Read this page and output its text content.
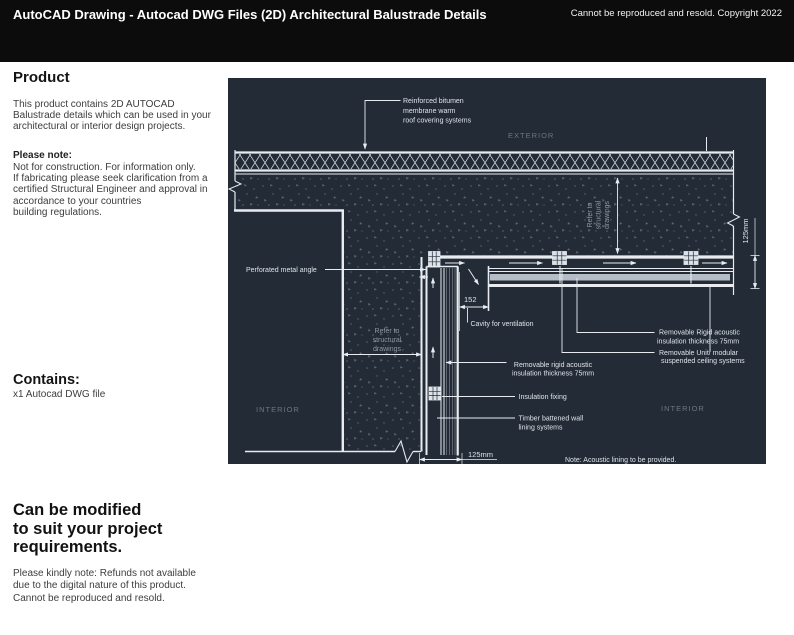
AutoCAD Drawing - Autocad DWG Files (2D) Architectural Balustrade Details	Cannot be reproduced and resold. Copyright 2022
Product
This product contains 2D AUTOCAD
Balustrade details which can be used in your
architectural or interior design projects.
Please note:
Not for construction. For information only.
If fabricating please seek clarification from a
certified Structural Engineer and approval in
accordance to your countries
building regulations.
Contains:
x1 Autocad DWG file
Can be modified
to suit your project
requirements.
Please kindly note: Refunds not available
due to the digital nature of this product.
Cannot be reproduced and resold.
Reinforced bitumen
membrane warm
roof covering systems
EXTERIOR
INTERIOR	INTERIOR
125mm
Refer to structural drawings
Refer to
structural
drawings
Perforated metal angle
152
Cavity for ventilation
Removable Rigid acoustic
insulation thickness 75mm
Removable Unit/ modular
suspended ceiling systems
Removable rigid acoustic
insulation thickness 75mm
Insulation fixing
Timber battened wall
lining systems
125mm
Note: Acoustic lining to be provided.
